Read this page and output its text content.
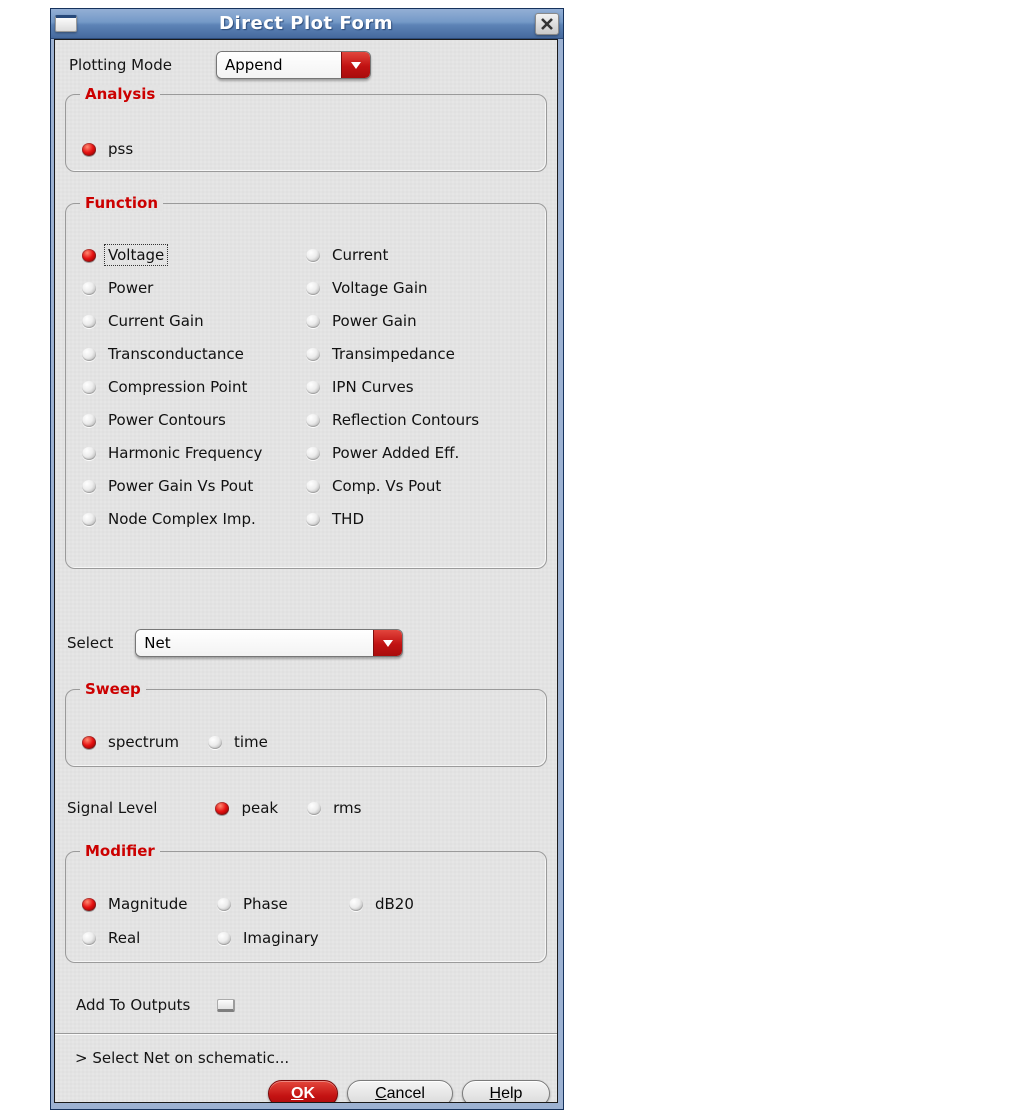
Direct Plot Form
Plotting Mode	Append
Analysis
pss
Function
Voltage	Current
Power	Voltage Gain
Current Gain	Power Gain
Transconductance	Transimpedance
Compression Point	IPN Curves
Power Contours	Reflection Contours
Harmonic Frequency	Power Added Eff.
Power Gain Vs Pout	Comp. Vs Pout
Node Complex Imp.	THD
Select	Net
Sweep
spectrum	time
Signal Level	peak	rms
Modifier
Magnitude	Phase	dB20
Real	Imaginary
Add To Outputs
> Select Net on schematic...
O K	C ancel	H elp
